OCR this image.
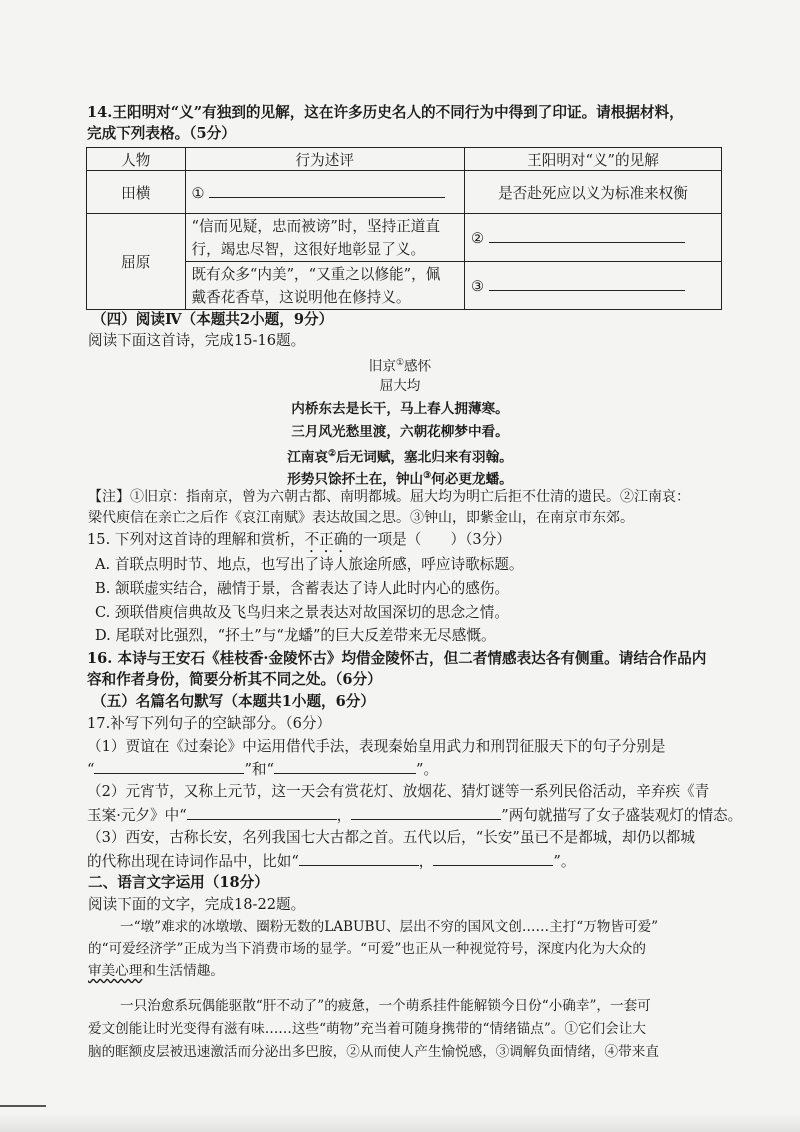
14.王阳明对“义”有独到的见解，这在许多历史名人的不同行为中得到了印证。请根据材料，
完成下列表格。（5分）
人物	行为述评	王阳明对“义”的见解
田横	①	是否赴死应以义为标准来权衡
屈原	“信而见疑，忠而被谤”时，坚持正道直
行，竭忠尽智，这很好地彰显了义。	②

	既有众多“内美”，“又重之以修能”，佩
戴香花香草，这说明他在修持义。	③
（四）阅读Ⅳ（本题共2小题，9分）
阅读下面这首诗，完成15-16题。
旧京①感怀
屈大均
内桥东去是长干，马上春人拥薄寒。
三月风光愁里渡，六朝花柳梦中看。
江南哀②后无词赋，塞北归来有羽翰。
形势只馀抔土在，钟山③何必更龙蟠。
【注】①旧京：指南京，曾为六朝古都、南明都城。屈大均为明亡后拒不仕清的遗民。②江南哀：
梁代庾信在亲亡之后作《哀江南赋》表达故国之思。③钟山，即紫金山，在南京市东郊。
15. 下列对这首诗的理解和赏析，不正确的一项是（　　）（3分）
A. 首联点明时节、地点，也写出了诗人旅途所感，呼应诗歌标题。
B. 颔联虚实结合，融情于景，含蓄表达了诗人此时内心的感伤。
C. 颈联借庾信典故及飞鸟归来之景表达对故国深切的思念之情。
D. 尾联对比强烈，“抔土”与“龙蟠”的巨大反差带来无尽感慨。
16. 本诗与王安石《桂枝香·金陵怀古》均借金陵怀古，但二者情感表达各有侧重。请结合作品内
容和作者身份，简要分析其不同之处。（6分）
（五）名篇名句默写（本题共1小题，6分）
17.补写下列句子的空缺部分。（6分）
（1）贾谊在《过秦论》中运用借代手法，表现秦始皇用武力和刑罚征服天下的句子分别是
“	”和“	”。
（2）元宵节，又称上元节，这一天会有赏花灯、放烟花、猜灯谜等一系列民俗活动，辛弃疾《青
玉案·元夕》中“	，	”两句就描写了女子盛装观灯的情态。
（3）西安，古称长安，名列我国七大古都之首。五代以后，“长安”虽已不是都城，却仍以都城
的代称出现在诗词作品中，比如“	，	”。
二、语言文字运用（18分）
阅读下面的文字，完成18-22题。
一“墩”难求的冰墩墩、圈粉无数的LABUBU、层出不穷的国风文创……主打“万物皆可爱”
的“可爱经济学”正成为当下消费市场的显学。“可爱”也正从一种视觉符号，深度内化为大众的
审美心理和生活情趣。
一只治愈系玩偶能驱散“肝不动了”的疲惫，一个萌系挂件能解锁今日份“小确幸”，一套可
爱文创能让时光变得有滋有味……这些“萌物”充当着可随身携带的“情绪锚点”。①它们会让大
脑的眶额皮层被迅速激活而分泌出多巴胺，②从而使人产生愉悦感，③调解负面情绪，④带来直
